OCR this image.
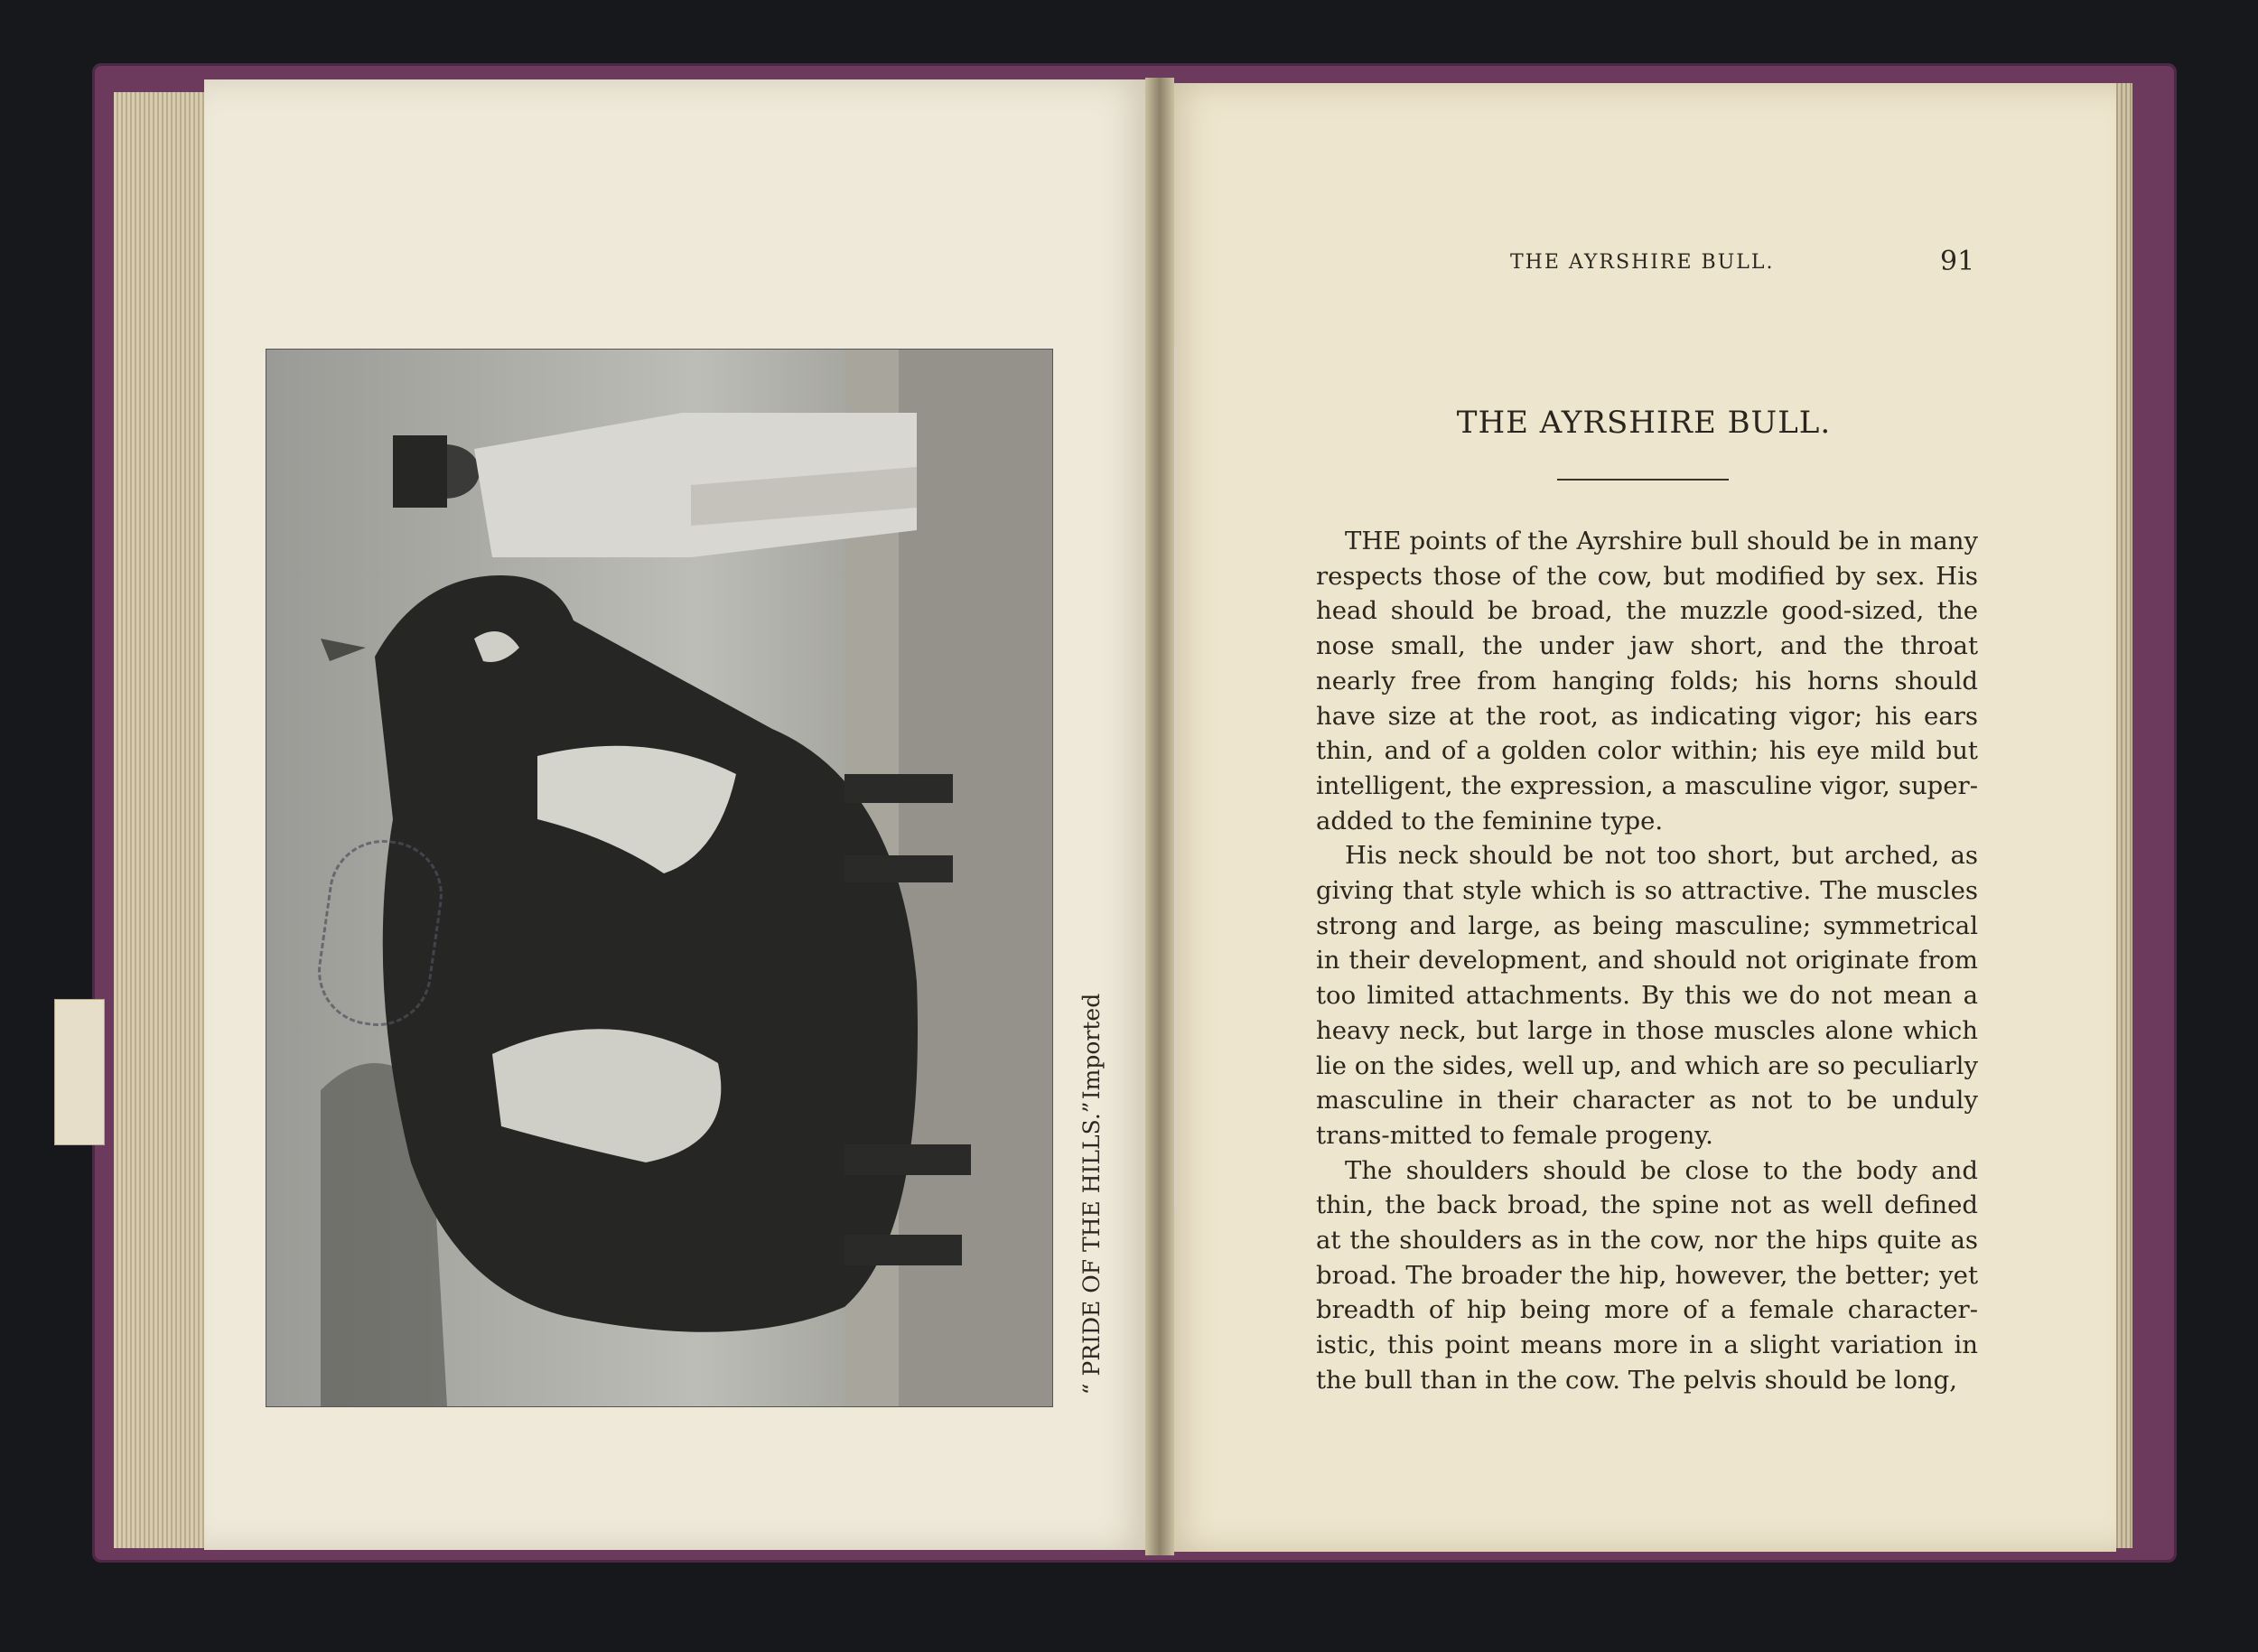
Imported
“ PRIDE OF THE HILLS.”
THE AYRSHIRE BULL.	91
THE AYRSHIRE BULL.

THE points of the Ayrshire bull should be in many respects those of the cow, but modified by sex. His head should be broad, the muzzle good-sized, the nose small, the under jaw short, and the throat nearly free from hanging folds; his horns should have size at the root, as indicating vigor; his ears thin, and of a golden color within; his eye mild but intelligent, the expression, a masculine vigor, super-added to the feminine type.

His neck should be not too short, but arched, as giving that style which is so attractive. The muscles strong and large, as being masculine; symmetrical in their development, and should not originate from too limited attachments. By this we do not mean a heavy neck, but large in those muscles alone which lie on the sides, well up, and which are so peculiarly masculine in their character as not to be unduly trans-mitted to female progeny.

The shoulders should be close to the body and thin, the back broad, the spine not as well defined at the shoulders as in the cow, nor the hips quite as broad. The broader the hip, however, the better; yet breadth of hip being more of a female character-istic, this point means more in a slight variation in the bull than in the cow. The pelvis should be long,
